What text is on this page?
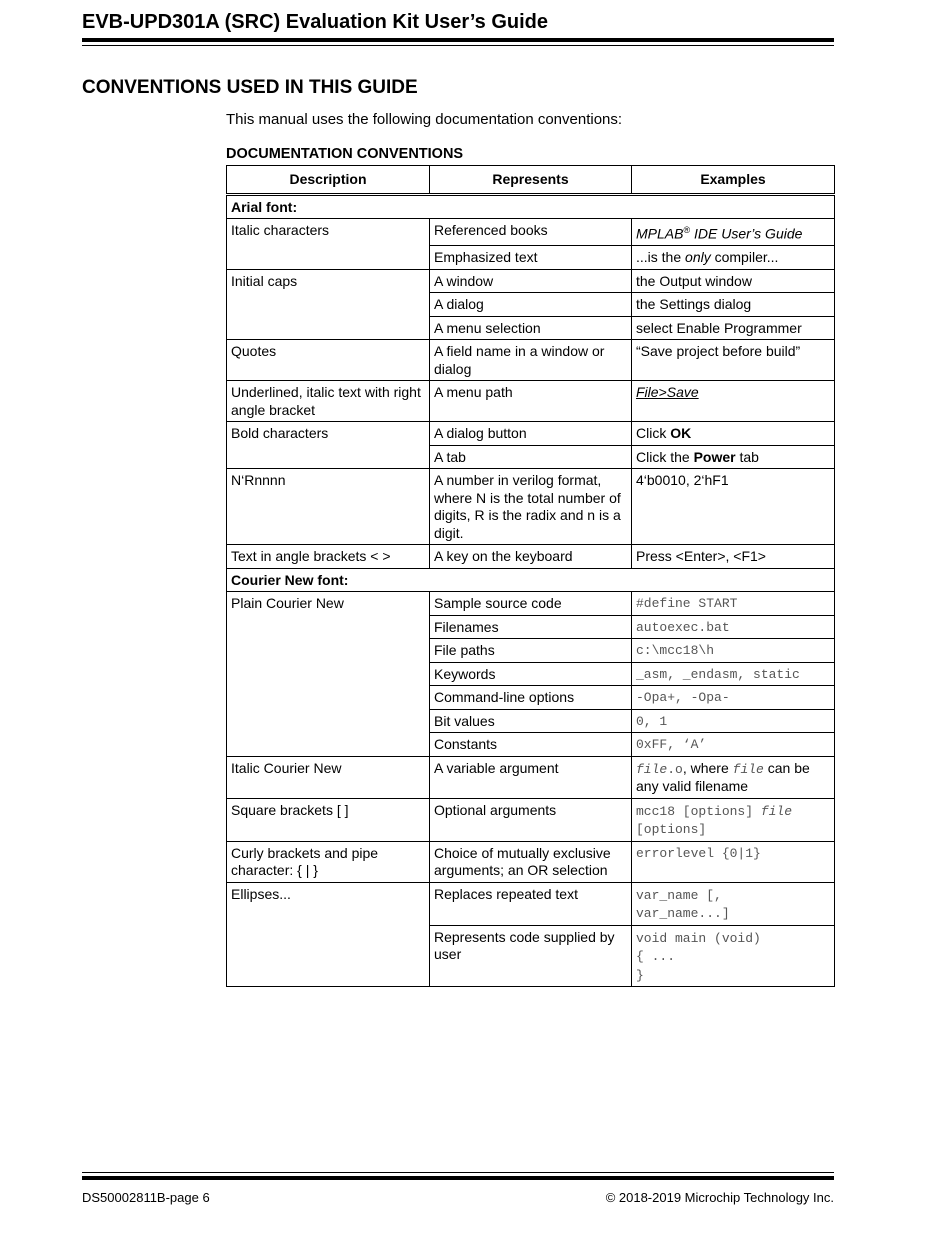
EVB-UPD301A (SRC) Evaluation Kit User’s Guide
CONVENTIONS USED IN THIS GUIDE
This manual uses the following documentation conventions:
DOCUMENTATION CONVENTIONS
Description	Represents	Examples
Arial font:		
Italic characters	Referenced books	MPLAB® IDE User’s Guide
	Emphasized text	...is the only compiler...
Initial caps	A window	the Output window
	A dialog	the Settings dialog
	A menu selection	select Enable Programmer
Quotes	A field name in a window or dialog	“Save project before build”
Underlined, italic text with right angle bracket	A menu path	File>Save
Bold characters	A dialog button	Click OK
	A tab	Click the Power tab
N‘Rnnnn	A number in verilog format, where N is the total number of digits, R is the radix and n is a digit.	4‘b0010, 2‘hF1
Text in angle brackets < >	A key on the keyboard	Press <Enter>, <F1>
Courier New font:		
Plain Courier New	Sample source code	#define START
	Filenames	autoexec.bat
	File paths	c:\mcc18\h
	Keywords	_asm, _endasm, static
	Command-line options	-Opa+, -Opa-
	Bit values	0, 1
	Constants	0xFF, ‘A’
Italic Courier New	A variable argument	file.o, where file can be any valid filename
Square brackets [ ]	Optional arguments	mcc18 [options] file
[options]
Curly brackets and pipe character: { | }	Choice of mutually exclusive arguments; an OR selection	errorlevel {0|1}
Ellipses...	Replaces repeated text	var_name [,
var_name...]
	Represents code supplied by user	void main (void)
{ ...
}
DS50002811B-page 6	© 2018-2019 Microchip Technology Inc.
